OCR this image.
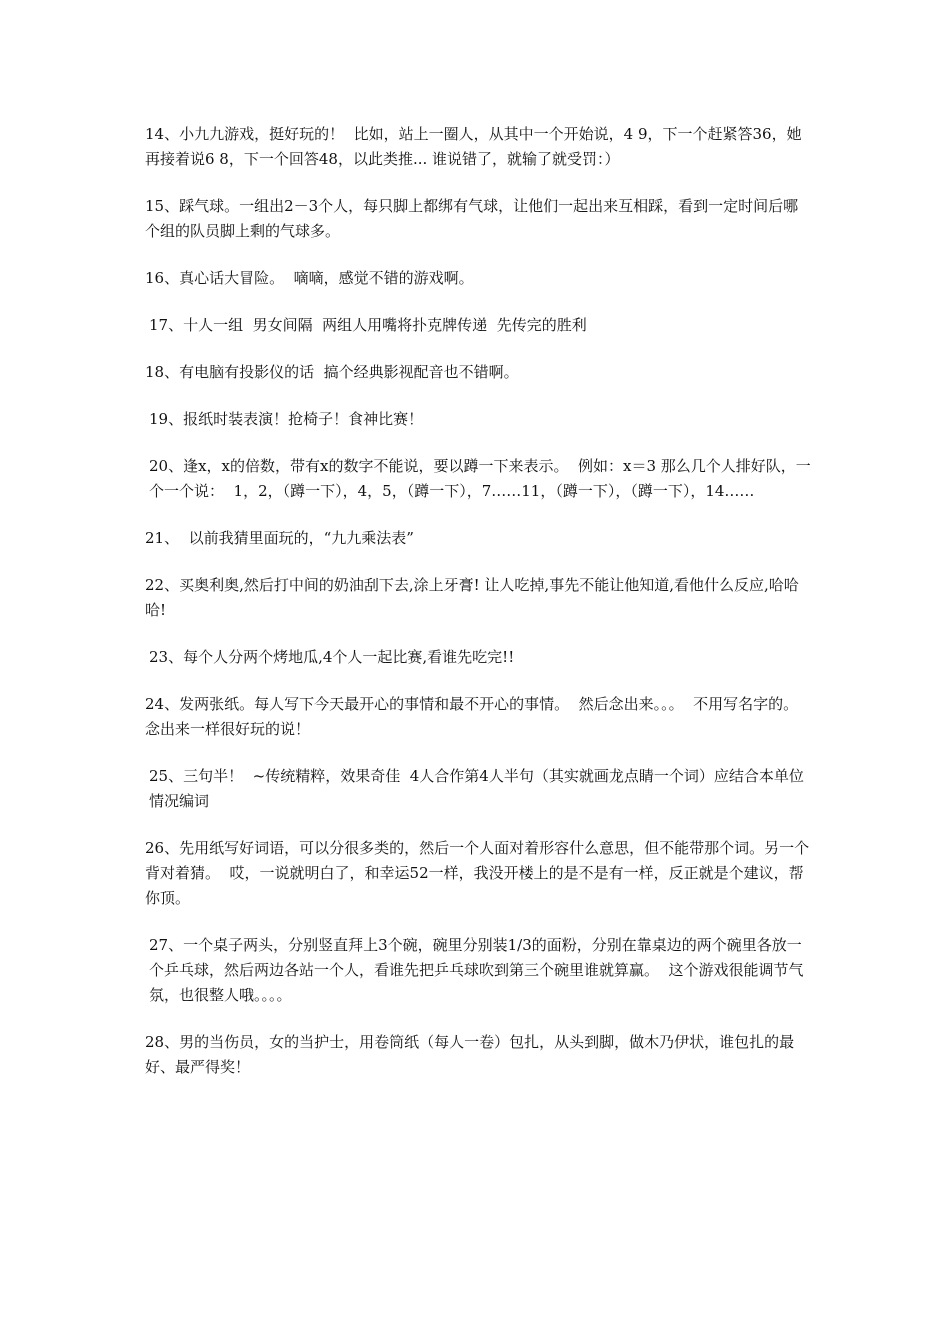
14、小九九游戏，挺好玩的！  比如，站上一圈人，从其中一个开始说，4 9，下一个赶紧答36，她再接着说6 8，下一个回答48，以此类推... 谁说错了，就输了就受罚：）

15、踩气球。一组出2－3个人，每只脚上都绑有气球，让他们一起出来互相踩，看到一定时间后哪个组的队员脚上剩的气球多。

16、真心话大冒险。  嘀嘀，感觉不错的游戏啊。

17、十人一组  男女间隔  两组人用嘴将扑克牌传递  先传完的胜利

18、有电脑有投影仪的话  搞个经典影视配音也不错啊。

19、报纸时装表演！抢椅子！食神比赛！

20、逢x，x的倍数，带有x的数字不能说，要以蹲一下来表示。  例如：x＝3 那么几个人排好队，一个一个说：  1，2，（蹲一下），4，5，（蹲一下），7……11，（蹲一下），（蹲一下），14……

21、  以前我猜里面玩的，“九九乘法表”

22、买奥利奥,然后打中间的奶油刮下去,涂上牙膏! 让人吃掉,事先不能让他知道,看他什么反应,哈哈哈!

23、每个人分两个烤地瓜,4个人一起比赛,看谁先吃完!!

24、发两张纸。每人写下今天最开心的事情和最不开心的事情。  然后念出来。。。  不用写名字的。  念出来一样很好玩的说！

25、三句半！  ~传统精粹，效果奇佳  4人合作第4人半句（其实就画龙点睛一个词）应结合本单位情况编词

26、先用纸写好词语，可以分很多类的，然后一个人面对着形容什么意思，但不能带那个词。另一个背对着猜。  哎，一说就明白了，和幸运52一样，我没开楼上的是不是有一样，反正就是个建议，帮你顶。

27、一个桌子两头，分别竖直拜上3个碗，碗里分别装1/3的面粉，分别在靠桌边的两个碗里各放一个乒乓球，然后两边各站一个人，看谁先把乒乓球吹到第三个碗里谁就算赢。  这个游戏很能调节气氛，也很整人哦。。。。

28、男的当伤员，女的当护士，用卷筒纸（每人一卷）包扎，从头到脚，做木乃伊状，谁包扎的最好、最严得奖！
